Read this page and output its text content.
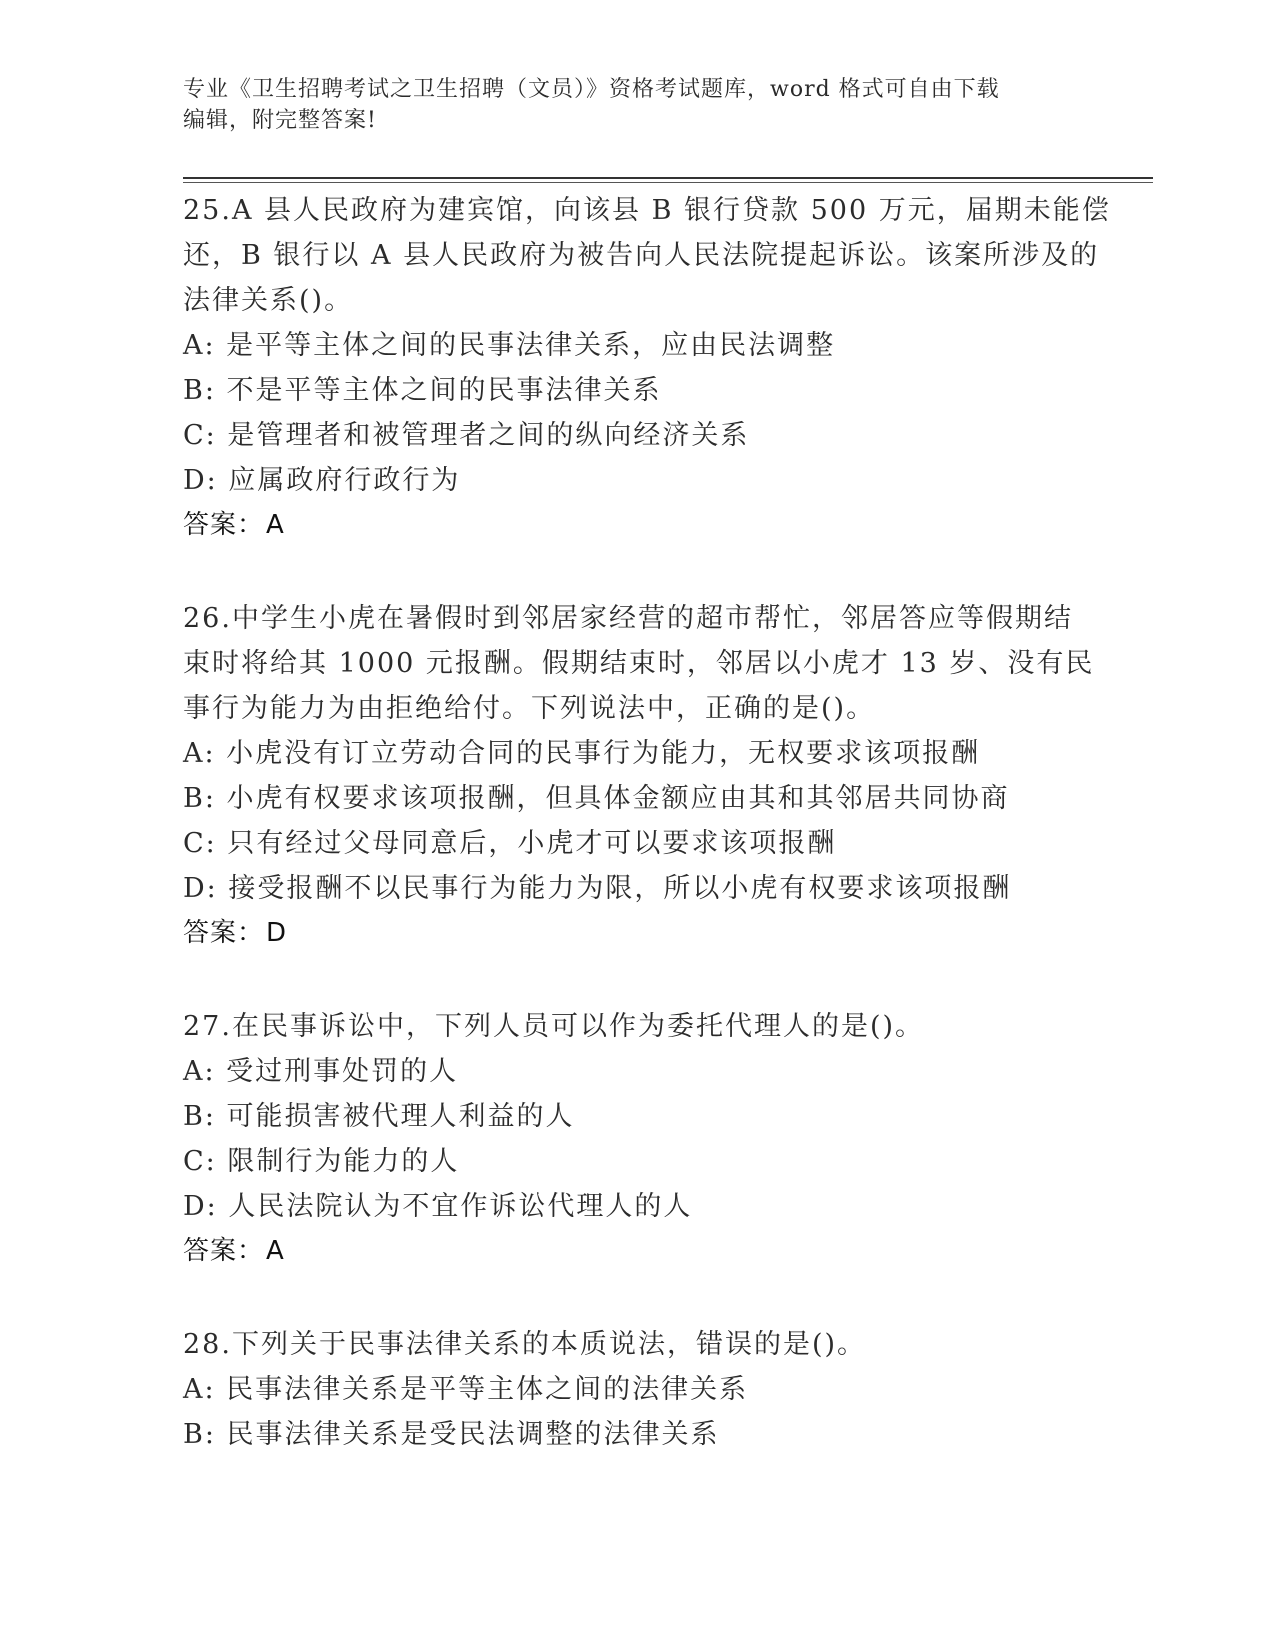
专业《卫生招聘考试之卫生招聘（文员）》资格考试题库，word 格式可自由下载
编辑，附完整答案!
25.A 县人民政府为建宾馆，向该县 B 银行贷款 500 万元，届期未能偿
还，B 银行以 A 县人民政府为被告向人民法院提起诉讼。该案所涉及的
法律关系()。
A: 是平等主体之间的民事法律关系，应由民法调整
B: 不是平等主体之间的民事法律关系
C: 是管理者和被管理者之间的纵向经济关系
D: 应属政府行政行为
答案：A
26.中学生小虎在暑假时到邻居家经营的超市帮忙，邻居答应等假期结
束时将给其 1000 元报酬。假期结束时，邻居以小虎才 13 岁、没有民
事行为能力为由拒绝给付。下列说法中，正确的是()。
A: 小虎没有订立劳动合同的民事行为能力，无权要求该项报酬
B: 小虎有权要求该项报酬，但具体金额应由其和其邻居共同协商
C: 只有经过父母同意后，小虎才可以要求该项报酬
D: 接受报酬不以民事行为能力为限，所以小虎有权要求该项报酬
答案：D
27.在民事诉讼中，下列人员可以作为委托代理人的是()。
A: 受过刑事处罚的人
B: 可能损害被代理人利益的人
C: 限制行为能力的人
D: 人民法院认为不宜作诉讼代理人的人
答案：A
28.下列关于民事法律关系的本质说法，错误的是()。
A: 民事法律关系是平等主体之间的法律关系
B: 民事法律关系是受民法调整的法律关系
